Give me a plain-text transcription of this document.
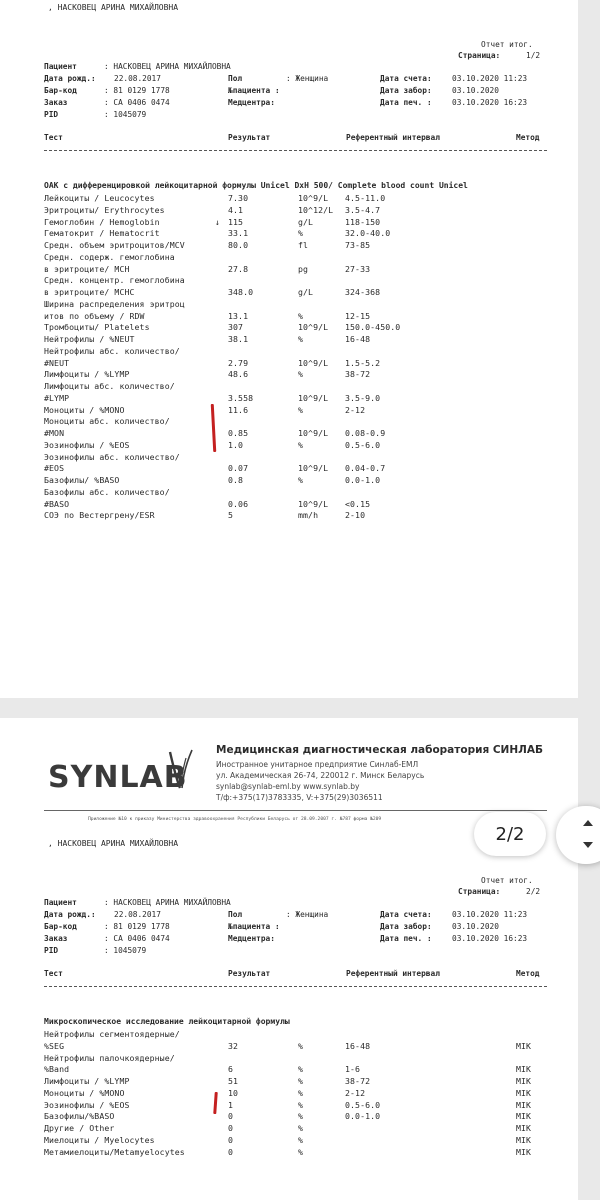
, НАСКОВЕЦ АРИНА МИХАЙЛОВНА
Отчет итог.
Страница:	1/2
Пациент	: НАСКОВЕЦ АРИНА МИХАЙЛОВНА
Дата рожд.: 22.08.2017	Пол	: Женщина	Дата счета:	03.10.2020 11:23
Бар-код	: 81 0129 1778	№пациента :	Дата забор:	03.10.2020
Заказ	: CA 0406 0474	Медцентра:	Дата печ. :	03.10.2020 16:23
PID	: 1045079
Тест	Результат	Референтный интервал	Метод
ОАК с дифференцировкой лейкоцитарной формулы Unicel DxH 500/ Complete blood count Unicel
Лейкоциты / Leucocytes	7.30	10^9/L 4.5-11.0
Эритроциты/ Erythrocytes	4.1	10^12/L 3.5-4.7
Гемоглобин / Hemoglobin	↓ 115	g/L	118-150
Гематокрит / Hematocrit	33.1	%	32.0-40.0
Средн. объем эритроцитов/MCV	80.0	fl	73-85
Средн. содерж. гемоглобина
в эритроците/ MCH	27.8	pg	27-33
Средн. концентр. гемоглобина
в эритроците/ MCHC	348.0	g/L	324-368
Ширина распределения эритроц
итов по объему / RDW	13.1	%	12-15
Тромбоциты/ Platelets	307	10^9/L 150.0-450.0
Нейтрофилы / %NEUT	38.1	%	16-48
Нейтрофилы абс. количество/
#NEUT	2.79	10^9/L 1.5-5.2
Лимфоциты / %LYMP	48.6	%	38-72
Лимфоциты абс. количество/
#LYMP	3.558	10^9/L 3.5-9.0
Моноциты / %MONO	11.6	%	2-12
Моноциты абс. количество/
#MON	0.85	10^9/L 0.08-0.9
Эозинофилы / %EOS	1.0	%	0.5-6.0
Эозинофилы абс. количество/
#EOS	0.07	10^9/L 0.04-0.7
Базофилы/ %BASO	0.8	%	0.0-1.0
Базофилы абс. количество/
#BASO	0.06	10^9/L <0.15
СОЭ по Вестергрену/ESR	5	mm/h	2-10
SYNLAB
Медицинская диагностическая лаборатория СИНЛАБ
Иностранное унитарное предприятие Синлаб-ЕМЛ
ул. Академическая 26-74, 220012 г. Минск Беларусь
synlab@synlab-eml.by www.synlab.by
Т/ф:+375(17)3783335, V:+375(29)3036511
Приложение №10 к приказу Министерства здравоохранения Республики Беларусь от 28.09.2007 г. №787 форма №209
, НАСКОВЕЦ АРИНА МИХАЙЛОВНА
Отчет итог.
Страница:	2/2
Пациент	: НАСКОВЕЦ АРИНА МИХАЙЛОВНА
Дата рожд.: 22.08.2017	Пол	: Женщина	Дата счета:	03.10.2020 11:23
Бар-код	: 81 0129 1778	№пациента :	Дата забор:	03.10.2020
Заказ	: CA 0406 0474	Медцентра:	Дата печ. :	03.10.2020 16:23
PID	: 1045079
Тест	Результат	Референтный интервал	Метод
Микроскопическое исследование лейкоцитарной формулы
Нейтрофилы сегментоядерные/
%SEG	32	%	16-48	MIK
Нейтрофилы палочкоядерные/
%Band	6	%	1-6	MIK
Лимфоциты / %LYMP	51	%	38-72	MIK
Моноциты / %MONO	10	%	2-12	MIK
Эозинофилы / %EOS	1	%	0.5-6.0	MIK
Базофилы/%BASO	0	%	0.0-1.0	MIK
Другие / Other	0	%	MIK
Миелоциты / Myelocytes	0	%	MIK
Метамиелоциты/Metamyelocytes	0	%	MIK
2/2
